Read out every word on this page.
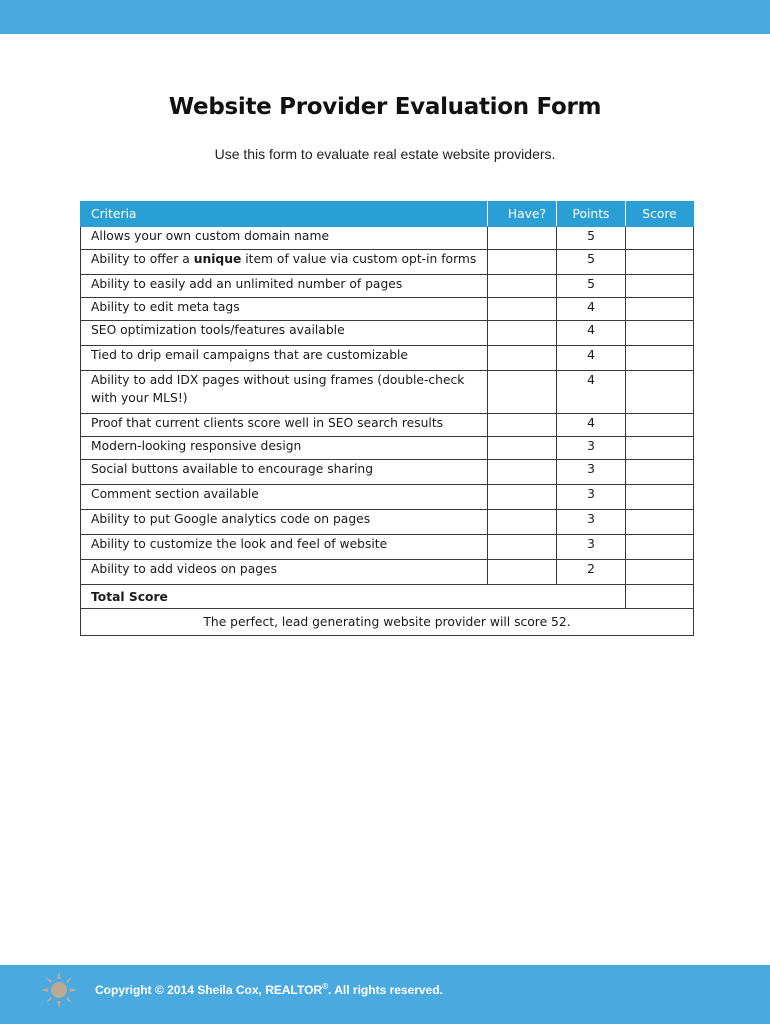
Website Provider Evaluation Form
Use this form to evaluate real estate website providers.
Criteria	Have?	Points	Score
Allows your own custom domain name		5	
Ability to offer a unique item of value via custom opt-in forms		5	
Ability to easily add an unlimited number of pages		5	
Ability to edit meta tags		4	
SEO optimization tools/features available		4	
Tied to drip email campaigns that are customizable		4	
Ability to add IDX pages without using frames (double-check with your MLS!)		4	
Proof that current clients score well in SEO search results		4	
Modern-looking responsive design		3	
Social buttons available to encourage sharing		3	
Comment section available		3	
Ability to put Google analytics code on pages		3	
Ability to customize the look and feel of website		3	
Ability to add videos on pages		2	
Total Score			
The perfect, lead generating website provider will score 52.			
Copyright © 2014 Sheila Cox, REALTOR®. All rights reserved.
